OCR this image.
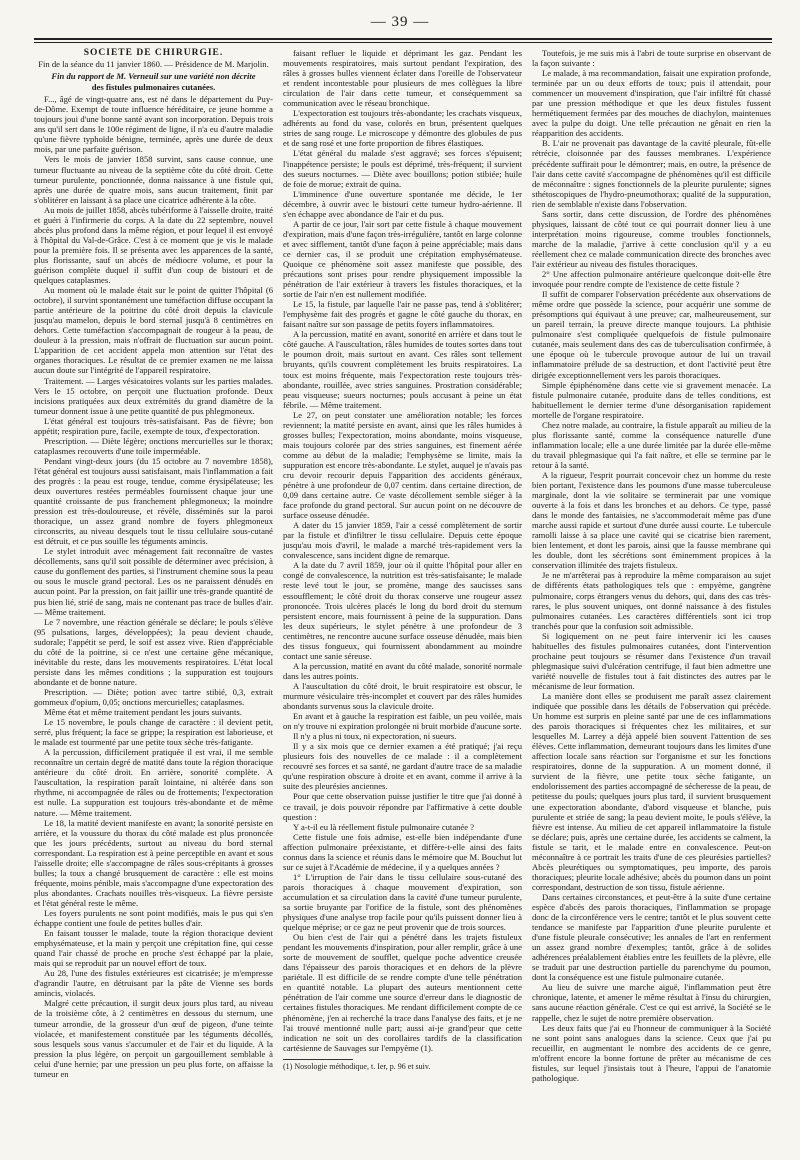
— 39 —
SOCIÉTÉ DE CHIRURGIE.
Fin de la séance du 11 janvier 1860. — Présidence de M. Marjolin.
Fin du rapport de M. Verneuil sur une variété non décrite
des fistules pulmonaires cutanées.

F..., âgé de vingt-quatre ans, est né dans le département du Puy-de-Dôme. Exempt de toute influence héréditaire, ce jeune homme a toujours joui d'une bonne santé avant son incorporation. Depuis trois ans qu'il sert dans le 100e régiment de ligne, il n'a eu d'autre maladie qu'une fièvre typhoïde bénigne, terminée, après une durée de deux mois, par une parfaite guérison.

Vers le mois de janvier 1858 survint, sans cause connue, une tumeur fluctuante au niveau de la septième côte du côté droit. Cette tumeur purulente, ponctionnée, donna naissance à une fistule qui, après une durée de quatre mois, sans aucun traitement, finit par s'oblitérer en laissant à sa place une cicatrice adhérente à la côte.

Au mois de juillet 1858, abcès tubériforme à l'aisselle droite, traité et guéri à l'infirmerie du corps. A la date du 22 septembre, nouvel abcès plus profond dans la même région, et pour lequel il est envoyé à l'hôpital du Val-de-Grâce. C'est à ce moment que je vis le malade pour la première fois. Il se présenta avec les apparences de la santé, plus florissante, sauf un abcès de médiocre volume, et pour la guérison complète duquel il suffit d'un coup de bistouri et de quelques cataplasmes.

Au moment où le malade était sur le point de quitter l'hôpital (6 octobre), il survint spontanément une tuméfaction diffuse occupant la partie antérieure de la poitrine du côté droit depuis la clavicule jusqu'au mamelon, depuis le bord sternal jusqu'à 8 centimètres en dehors. Cette tuméfaction s'accompagnait de rougeur à la peau, de douleur à la pression, mais n'offrait de fluctuation sur aucun point. L'apparition de cet accident appela mon attention sur l'état des organes thoraciques. Le résultat de ce premier examen ne me laissa aucun doute sur l'intégrité de l'appareil respiratoire.

Traitement. — Larges vésicatoires volants sur les parties malades. Vers le 15 octobre, on perçoit une fluctuation profonde. Deux incisions pratiquées aux deux extrémités du grand diamètre de la tumeur donnent issue à une petite quantité de pus phlegmoneux.

L'état général est toujours très-satisfaisant. Pas de fièvre; bon appétit; respiration pure, facile, exempte de toux, d'expectoration.

Prescription. — Diète légère; onctions mercurielles sur le thorax; cataplasmes recouverts d'une toile imperméable.

Pendant vingt-deux jours (du 15 octobre au 7 novembre 1858), l'état général est toujours aussi satisfaisant, mais l'inflammation a fait des progrès : la peau est rouge, tendue, comme érysipélateuse; les deux ouvertures restées perméables fournissent chaque jour une quantité croissante de pus franchement phlegmoneux; la moindre pression est très-douloureuse, et révèle, disséminés sur la paroi thoracique, un assez grand nombre de foyers phlegmoneux circonscrits, au niveau desquels tout le tissu cellulaire sous-cutané est détruit, et ce pus souille les téguments amincis.

Le stylet introduit avec ménagement fait reconnaître de vastes décollements, sans qu'il soit possible de déterminer avec précision, à cause du gonflement des parties, si l'instrument chemine sous la peau ou sous le muscle grand pectoral. Les os ne paraissent dénudés en aucun point. Par la pression, on fait jaillir une très-grande quantité de pus bien lié, strié de sang, mais ne contenant pas trace de bulles d'air. — Même traitement.

Le 7 novembre, une réaction générale se déclare; le pouls s'élève (95 pulsations, larges, développées); la peau devient chaude, sudorale; l'appétit se perd, le soif est assez vive. Rien d'appréciable du côté de la poitrine, si ce n'est une certaine gêne mécanique, inévitable du reste, dans les mouvements respiratoires. L'état local persiste dans les mêmes conditions ; la suppuration est toujours abondante et de bonne nature.

Prescription. — Diète; potion avec tartre stibié, 0,3, extrait gommeux d'opium, 0,05; onctions mercurielles; cataplasmes.

Même état et même traitement pendant les jours suivants.

Le 15 novembre, le pouls change de caractère : il devient petit, serré, plus fréquent; la face se grippe; la respiration est laborieuse, et le malade est tourmenté par une petite toux sèche très-fatigante.

A la percussion, difficilement pratiquée il est vrai, il me semble reconnaître un certain degré de matité dans toute la région thoracique antérieure du côté droit. En arrière, sonorité complète. A l'auscultation, la respiration paraît lointaine, ni altérée dans son rhythme, ni accompagnée de râles ou de frottements; l'expectoration est nulle. La suppuration est toujours très-abondante et de même nature. — Même traitement.

Le 18, la matité devient manifeste en avant; la sonorité persiste en arrière, et la voussure du thorax du côté malade est plus prononcée que les jours précédents, surtout au niveau du bord sternal correspondant. La respiration est à peine perceptible en avant et sous l'aisselle droite; elle s'accompagne de râles sous-crépitants à grosses bulles; la toux a changé brusquement de caractère : elle est moins fréquente, moins pénible, mais s'accompagne d'une expectoration des plus abondantes. Crachats nouilles très-visqueux. La fièvre persiste et l'état général reste le même.

Les foyers purulents ne sont point modifiés, mais le pus qui s'en échappe contient une foule de petites bulles d'air.

En faisant tousser le malade, toute la région thoracique devient emphysémateuse, et la main y perçoit une crépitation fine, qui cesse quand l'air chassé de proche en proche s'est échappé par la plaie, mais qui se reproduit par un nouvel effort de toux.

Au 28, l'une des fistules extérieures est cicatrisée; je m'empresse d'agrandir l'autre, en détruisant par la pâte de Vienne ses bords amincis, violacés.

Malgré cette précaution, il surgit deux jours plus tard, au niveau de la troisième côte, à 2 centimètres en dessous du sternum, une tumeur arrondie, de la grosseur d'un œuf de pigeon, d'une teinte violacée, et manifestement constituée par les téguments décollés, sous lesquels sous vanus s'accumuler et de l'air et du liquide. A la pression la plus légère, on perçoit un gargouillement semblable à celui d'une hernie; par une pression un peu plus forte, on affaisse la tumeur en

faisant refluer le liquide et déprimant les gaz. Pendant les mouvements respiratoires, mais surtout pendant l'expiration, des râles à grosses bulles viennent éclater dans l'oreille de l'observateur et rendent incontestable pour plusieurs de mes collègues la libre circulation de l'air dans cette tumeur, et conséquemment sa communication avec le réseau bronchique.

L'expectoration est toujours très-abondante; les crachats visqueux, adhérents au fond du vase, colorés en brun, présentent quelques stries de sang rouge. Le microscope y démontre des globules de pus et de sang rosé et une forte proportion de fibres élastiques.

L'état général du malade s'est aggravé; ses forces s'épuisent; l'inappétence persiste; le pouls est déprimé, très-fréquent; il survient des sueurs nocturnes. — Diète avec bouillons; potion stibiée; huile de foie de morue; extrait de quina.

L'imminence d'une ouverture spontanée me décide, le 1er décembre, à ouvrir avec le bistouri cette tumeur hydro-aérienne. Il s'en échappe avec abondance de l'air et du pus.

A partir de ce jour, l'air sort par cette fistule à chaque mouvement d'expiration, mais d'une façon très-irrégulière, tantôt en large colonne et avec sifflement, tantôt d'une façon à peine appréciable; mais dans ce dernier cas, il se produit une crépitation emphysémateuse. Quoique ce phénomène soit assez manifeste que possible, des précautions sont prises pour rendre physiquement impossible la pénétration de l'air extérieur à travers les fistules thoraciques, et la sortie de l'air n'en est nullement modifiée.

Le 15, la fistule, par laquelle l'air ne passe pas, tend à s'oblitérer; l'emphysème fait des progrès et gagne le côté gauche du thorax, en faisant naître sur son passage de petits foyers inflammatoires.

A la percussion, matité en avant, sonorité en arrière et dans tout le côté gauche. A l'auscultation, râles humides de toutes sortes dans tout le poumon droit, mais surtout en avant. Ces râles sont tellement bruyants, qu'ils couvrent complètement les bruits respiratoires. La toux est moins fréquente, mais l'expectoration reste toujours très-abondante, rouillée, avec stries sanguines. Prostration considérable; peau visqueuse; sueurs nocturnes; pouls accusant à peine un état fébrile. — Même traitement.

Le 27, on peut constater une amélioration notable; les forces reviennent; la matité persiste en avant, ainsi que les râles humides à grosses bulles; l'expectoration, moins abondante, moins visqueuse, mais toujours colorée par des stries sanguines, est finement aérée comme au début de la maladie; l'emphysème se limite, mais la suppuration est encore très-abondante. Le stylet, auquel je n'avais pas cru devoir recourir depuis l'apparition des accidents généraux, pénètre à une profondeur de 0,07 centim. dans certaine direction, de 0,09 dans certaine autre. Ce vaste décollement semble siéger à la face profonde du grand pectoral. Sur aucun point on ne découvre de surface osseuse dénudée.

A dater du 15 janvier 1859, l'air a cessé complètement de sortir par la fistule et d'infiltrer le tissu cellulaire. Depuis cette époque jusqu'au mois d'avril, le malade a marché très-rapidement vers la convalescence, sans incident digne de remarque.

A la date du 7 avril 1859, jour où il quitte l'hôpital pour aller en congé de convalescence, la nutrition est très-satisfaisante; le malade reste levé tout le jour, se promène, mange des saucisses sans essoufflement; le côté droit du thorax conserve une rougeur assez prononcée. Trois ulcères placés le long du bord droit du sternum persistent encore, mais fournissent à peine de la suppuration. Dans les deux supérieurs, le stylet pénètre à une profondeur de 3 centimètres, ne rencontre aucune surface osseuse dénudée, mais bien des tissus fongueux, qui fournissent abondamment au moindre contact une sanie séreuse.

A la percussion, matité en avant du côté malade, sonorité normale dans les autres points.

A l'auscultation du côté droit, le bruit respiratoire est obscur, le murmure vésiculaire très-incomplet et couvert par des râles humides abondants survenus sous la clavicule droite.

En avant et à gauche la respiration est faible, un peu voilée, mais on n'y trouve ni expiration prolongée ni bruit morbide d'aucune sorte.

Il n'y a plus ni toux, ni expectoration, ni sueurs.

Il y a six mois que ce dernier examen a été pratiqué; j'ai reçu plusieurs fois des nouvelles de ce malade : il a complètement recouvré ses forces et sa santé, ne gardant d'autre trace de sa maladie qu'une respiration obscure à droite et en avant, comme il arrive à la suite des pleurésies anciennes.

Pour que cette observation puisse justifier le titre que j'ai donné à ce travail, je dois pouvoir répondre par l'affirmative à cette double question :

Y a-t-il eu là réellement fistule pulmonaire cutanée ?

Cette fistule une fois admise, est-elle bien indépendante d'une affection pulmonaire préexistante, et diffère-t-elle ainsi des faits connus dans la science et réunis dans le mémoire que M. Bouchut lut sur ce sujet à l'Académie de médecine, il y a quelques années ?

1° L'irruption de l'air dans le tissu cellulaire sous-cutané des parois thoraciques à chaque mouvement d'expiration, son accumulation et sa circulation dans la cavité d'une tumeur purulente, sa sortie bruyante par l'orifice de la fistule, sont des phénomènes physiques d'une analyse trop facile pour qu'ils puissent donner lieu à quelque méprise; or ce gaz ne peut provenir que de trois sources.

Ou bien c'est de l'air qui a pénétré dans les trajets fistuleux pendant les mouvements d'inspiration, pour aller remplir, grâce à une sorte de mouvement de soufflet, quelque poche adventice creusée dans l'épaisseur des parois thoraciques et en dehors de la plèvre pariétale. Il est difficile de se rendre compte d'une telle pénétration en quantité notable. La plupart des auteurs mentionnent cette pénétration de l'air comme une source d'erreur dans le diagnostic de certaines fistules thoraciques. Me rendant difficilement compte de ce phénomène, j'en ai recherché la trace dans l'analyse des faits, et je ne l'ai trouvé mentionné nulle part; aussi ai-je grand'peur que cette indication ne soit un des corollaires tardifs de la classification cartésienne de Sauvages sur l'empyème (1).

(1) Nosologie méthodique, t. Ier, p. 96 et suiv.

Toutefois, je me suis mis à l'abri de toute surprise en observant de la façon suivante :

Le malade, à ma recommandation, faisait une expiration profonde, terminée par un ou deux efforts de toux; puis il attendait, pour commencer un mouvement d'inspiration, que l'air infiltré fût chassé par une pression méthodique et que les deux fistules fussent hermétiquement fermées par des mouches de diachylon, maintenues avec la pulpe du doigt. Une telle précaution ne gênait en rien la réapparition des accidents.

B. L'air ne provenait pas davantage de la cavité pleurale, fût-elle rétrécie, cloisonnée par des fausses membranes. L'expérience précédente suffirait pour le démontrer; mais, en outre, la présence de l'air dans cette cavité s'accompagne de phénomènes qu'il est difficile de méconnaître : signes fonctionnels de la pleurite purulente; signes sthétoscopiques de l'hydro-pneumothorax; qualité de la suppuration, rien de semblable n'existe dans l'observation.

Sans sortir, dans cette discussion, de l'ordre des phénomènes physiques, laissant de côté tout ce qui pourrait donner lieu à une interprétation moins rigoureuse, comme troubles fonctionnels, marche de la maladie, j'arrive à cette conclusion qu'il y a eu réellement chez ce malade communication directe des bronches avec l'air extérieur au niveau des fistules thoraciques.

2° Une affection pulmonaire antérieure quelconque doit-elle être invoquée pour rendre compte de l'existence de cette fistule ?

Il suffit de comparer l'observation précédente aux observations de même ordre que possède la science, pour acquérir une somme de présomptions qui équivaut à une preuve; car, malheureusement, sur un pareil terrain, la preuve directe manque toujours. La phthisie pulmonaire s'est compliquée quelquefois de fistule pulmonaire cutanée, mais seulement dans des cas de tuberculisation confirmée, à une époque où le tubercule provoque autour de lui un travail inflammatoire prélude de sa destruction, et dont l'activité peut être dirigée exceptionnellement vers les parois thoraciques.

Simple épiphénomène dans cette vie si gravement menacée. La fistule pulmonaire cutanée, produite dans de telles conditions, est habituellement le dernier terme d'une désorganisation rapidement mortelle de l'organe respiratoire.

Chez notre malade, au contraire, la fistule apparaît au milieu de la plus florissante santé, comme la conséquence naturelle d'une inflammation locale; elle a une durée limitée par la durée elle-même du travail phlegmasique qui l'a fait naître, et elle se termine par le retour à la santé.

A la rigueur, l'esprit pourrait concevoir chez un homme du reste bien portant, l'existence dans les poumons d'une masse tuberculeuse marginale, dont la vie solitaire se terminerait par une vomique ouverte à la fois et dans les bronches et au dehors. Ce type, passé dans le monde des fantaisies, ne s'accommoderait même pas d'une marche aussi rapide et surtout d'une durée aussi courte. Le tubercule ramolli laisse à sa place une cavité qui se cicatrise bien rarement, bien lentement, et dont les parois, ainsi que la fausse membrane qui les double, dont les sécrétions sont éminemment propices à la conservation illimitée des trajets fistuleux.

Je ne m'arrêterai pas à reproduire la même comparaison au sujet de différents états pathologiques tels que : empyème, gangrène pulmonaire, corps étrangers venus du dehors, qui, dans des cas très-rares, le plus souvent uniques, ont donné naissance à des fistules pulmonaires cutanées. Les caractères différentiels sont ici trop tranchés pour que la confusion soit admissible.

Si logiquement on ne peut faire intervenir ici les causes habituelles des fistules pulmonaires cutanées, dont l'intervention prochaine peut toujours se résumer dans l'existence d'un travail phlegmasique suivi d'ulcération centrifuge, il faut bien admettre une variété nouvelle de fistules tout à fait distinctes des autres par le mécanisme de leur formation.

La manière dont elles se produisent me paraît assez clairement indiquée que possible dans les détails de l'observation qui précède. Un homme est surpris en pleine santé par une de ces inflammations des parois thoraciques si fréquentes chez les militaires, et sur lesquelles M. Larrey a déjà appelé bien souvent l'attention de ses élèves. Cette inflammation, demeurant toujours dans les limites d'une affection locale sans réaction sur l'organisme et sur les fonctions respiratoires, donne de la suppuration. A un moment donné, il survient de la fièvre, une petite toux sèche fatigante, un endolorissement des parties accompagné de sécheresse de la peau, de petitesse du pouls; quelques jours plus tard, il survient brusquement une expectoration abondante, d'abord visqueuse et blanche, puis purulente et striée de sang; la peau devient moite, le pouls s'élève, la fièvre est intense. Au milieu de cet appareil inflammatoire la fistule se déclare; puis, après une certaine durée, les accidents se calment, la fistule se tarit, et le malade entre en convalescence. Peut-on méconnaître à ce portrait les traits d'une de ces pleurésies partielles? Abcès pleurétiques ou symptomatiques, peu importe, des parois thoraciques; pleurite locale adhésive; abcès du poumon dans un point correspondant, destruction de son tissu, fistule aérienne.

Dans certaines circonstances, et peut-être à la suite d'une certaine espèce d'abcès des parois thoraciques, l'inflammation se propage donc de la circonférence vers le centre; tantôt et le plus souvent cette tendance se manifeste par l'apparition d'une pleurite purulente et d'une fistule pleurale consécutive; les annales de l'art en renferment un assez grand nombre d'exemples; tantôt, grâce à de solides adhérences préalablement établies entre les feuillets de la plèvre, elle se traduit par une destruction partielle du parenchyme du poumon, dont la conséquence est une fistule pulmonaire cutanée.

Au lieu de suivre une marche aiguë, l'inflammation peut être chronique, latente, et amener le même résultat à l'insu du chirurgien, sans aucune réaction générale. C'est ce qui est arrivé, la Société se le rappelle, chez le sujet de notre première observation.

Les deux faits que j'ai eu l'honneur de communiquer à la Société ne sont point sans analogues dans la science. Ceux que j'ai pu recueillir, en augmentant le nombre des accidents de ce genre, m'offrent encore la bonne fortune de prêter au mécanisme de ces fistules, sur lequel j'insistais tout à l'heure, l'appui de l'anatomie pathologique.
